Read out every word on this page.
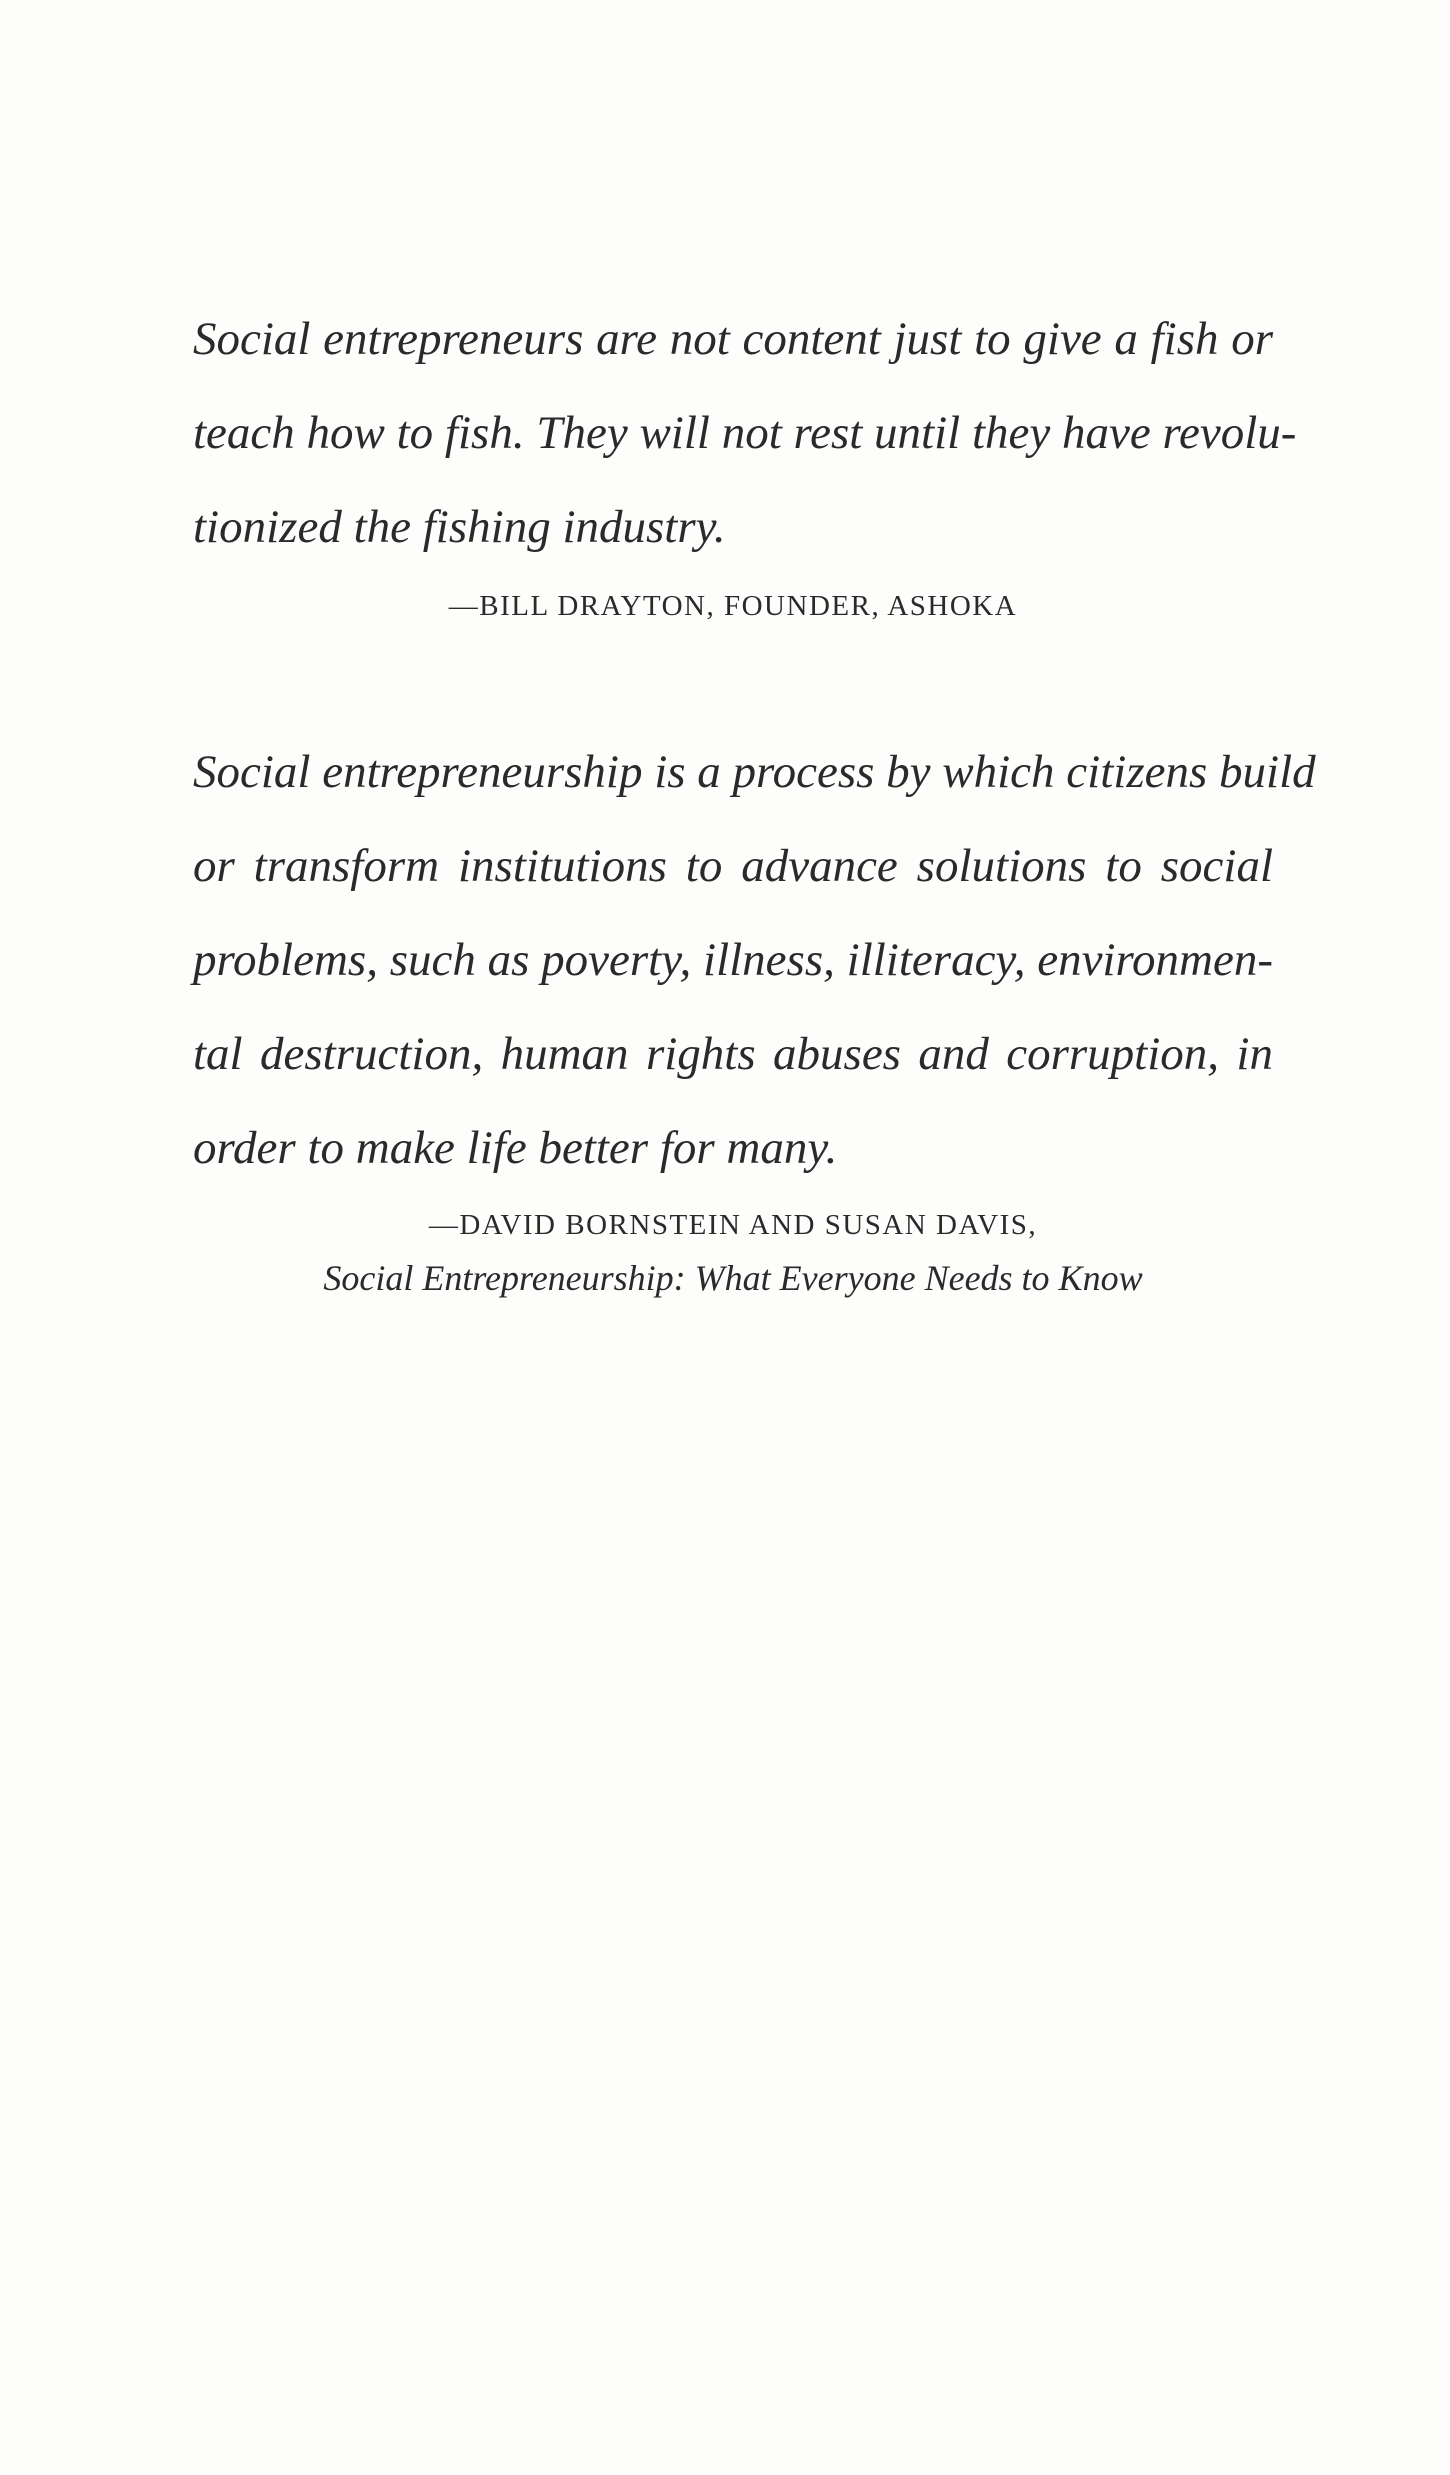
Social entrepreneurs are not content just to give a fish or
teach how to fish. They will not rest until they have revolu-
tionized the fishing industry.
—BILL DRAYTON, FOUNDER, ASHOKA
Social entrepreneurship is a process by which citizens build
or transform institutions to advance solutions to social
problems, such as poverty, illness, illiteracy, environmen-
tal destruction, human rights abuses and corruption, in
order to make life better for many.
—DAVID BORNSTEIN AND SUSAN DAVIS,
Social Entrepreneurship: What Everyone Needs to Know
